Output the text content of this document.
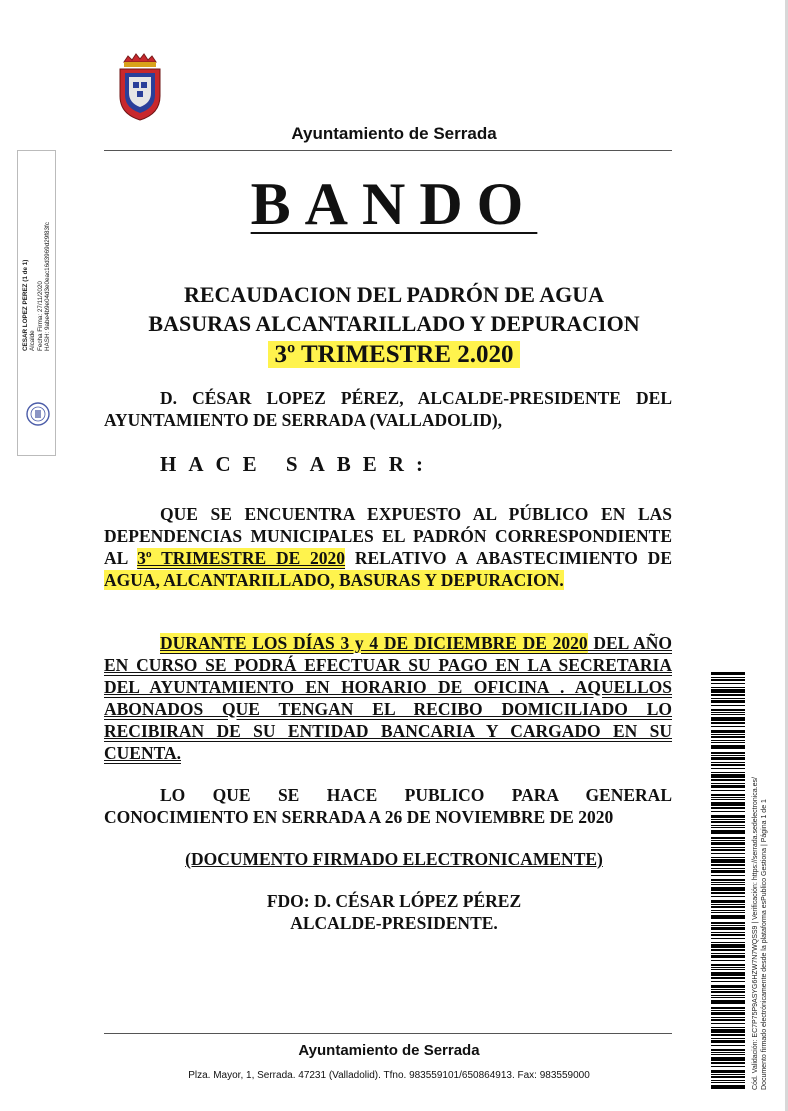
Ayuntamiento de Serrada
CÉSAR LÓPEZ PÉREZ (1 de 1) Alcalde Fecha Firma: 27/11/2020 HASH: 9abe4b9e04d3e0eac16d3969d29f83fc
BANDO
RECAUDACION DEL PADRÓN DE AGUA
BASURAS ALCANTARILLADO Y DEPURACION
3º TRIMESTRE 2.020

D. CÉSAR LOPEZ PÉREZ, ALCALDE-PRESIDENTE DEL AYUNTAMIENTO DE SERRADA (VALLADOLID),

HACE SABER:

QUE SE ENCUENTRA EXPUESTO AL PÚBLICO EN LAS DEPENDENCIAS MUNICIPALES EL PADRÓN CORRESPONDIENTE AL 3º TRIMESTRE DE 2020 RELATIVO A ABASTECIMIENTO DE AGUA, ALCANTARILLADO, BASURAS Y DEPURACION.

DURANTE LOS DÍAS 3 y 4 DE DICIEMBRE DE 2020 DEL AÑO EN CURSO SE PODRÁ EFECTUAR SU PAGO EN LA SECRETARIA DEL AYUNTAMIENTO EN HORARIO DE OFICINA . AQUELLOS ABONADOS QUE TENGAN EL RECIBO DOMICILIADO LO RECIBIRAN DE SU ENTIDAD BANCARIA Y CARGADO EN SU CUENTA.

LO QUE SE HACE PUBLICO PARA GENERAL CONOCIMIENTO EN SERRADA A 26 DE NOVIEMBRE DE 2020

(DOCUMENTO FIRMADO ELECTRONICAMENTE)
FDO: D. CÉSAR LÓPEZ PÉREZ
ALCALDE-PRESIDENTE.
Ayuntamiento de Serrada
Plza. Mayor, 1, Serrada. 47231 (Valladolid). Tfno. 983559101/650864913. Fax: 983559000	Cód. Validación: EC7P75P9ASYG6HZW7N7WQSS9 | Verificación: https://serrada.sedelectronica.es/ Documento firmado electrónicamente desde la plataforma esPublico Gestiona | Página 1 de 1
